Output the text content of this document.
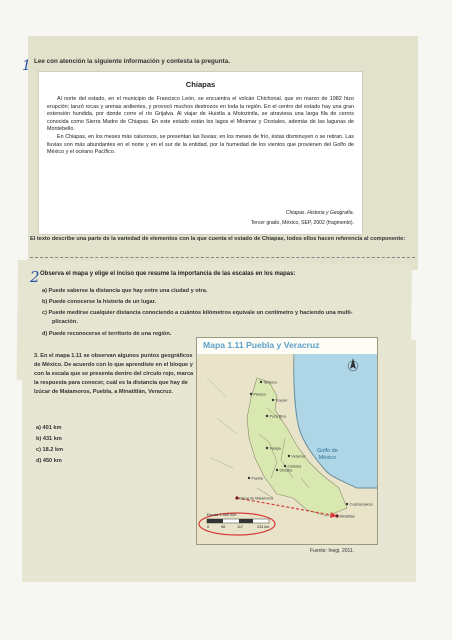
1 Lee con atención la siguiente información y contesta la pregunta.
Chiapas

Al norte del estado, en el municipio de Francisco León, se encuentra el volcán Chichonal, que en marzo de 1982 hizo erupción; lanzó rocas y arenas ardientes, y provocó muchos destrozos en toda la región. En el centro del estado hay una gran extensión hundida, por donde corre el río Grijalva. Al viajar de Huixtla a Motozintla, se atraviesa una larga fila de cerros conocida como Sierra Madre de Chiapas. En este estado están los lagos el Miramar y Ocotales, además de las lagunas de Montebello.

En Chiapas, en los meses más calurosos, se presentan las lluvias; en los meses de frío, éstas disminuyen o se retiran. Las lluvias son más abundantes en el norte y en el sur de la entidad, por la humedad de los vientos que provienen del Golfo de México y el océano Pacífico.

Chiapas. Historia y Geografía.
Tercer grado, México, SEP, 2002 (fragmento).
El texto describe una parte de la variedad de elementos con la que cuenta el estado de Chiapas, todos ellos hacen referencia al componente:
2 Observa el mapa y elige el inciso que resume la importancia de las escalas en los mapas:
a) Puede saberse la distancia que hay entre una ciudad y otra.
b) Puede conocerse la historia de un lugar.
c) Puede medirse cualquier distancia conociendo a cuántos kilómetros equivale un centímetro y haciendo una multi-
plicación.
d) Puede reconocerse el territorio de una región.
3. En el mapa 1.11 se observan algunos puntos geográficos de México. De acuerdo con lo que aprendiste en el bloque y con la escala que se presenta dentro del círculo rojo, marca la respuesta para conocer, cuál es la distancia que hay de Izúcar de Matamoros, Puebla, a Minatitlán, Veracruz.
a) 401 km
b) 431 km
c) 18.2 km
d) 450 km
Mapa 1.11 Puebla y Veracruz
Tampico
Pánuco
Tuxpan
Poza Rica
Xalapa
Veracruz
Puebla
Orizaba
Córdoba
Izúcar de Matamoros
Coatzacoalcos
Minatitlán
Golfo de
México
Escala 1:400 000
0	58	117	234 km
Fuente: Inegi, 2011.
